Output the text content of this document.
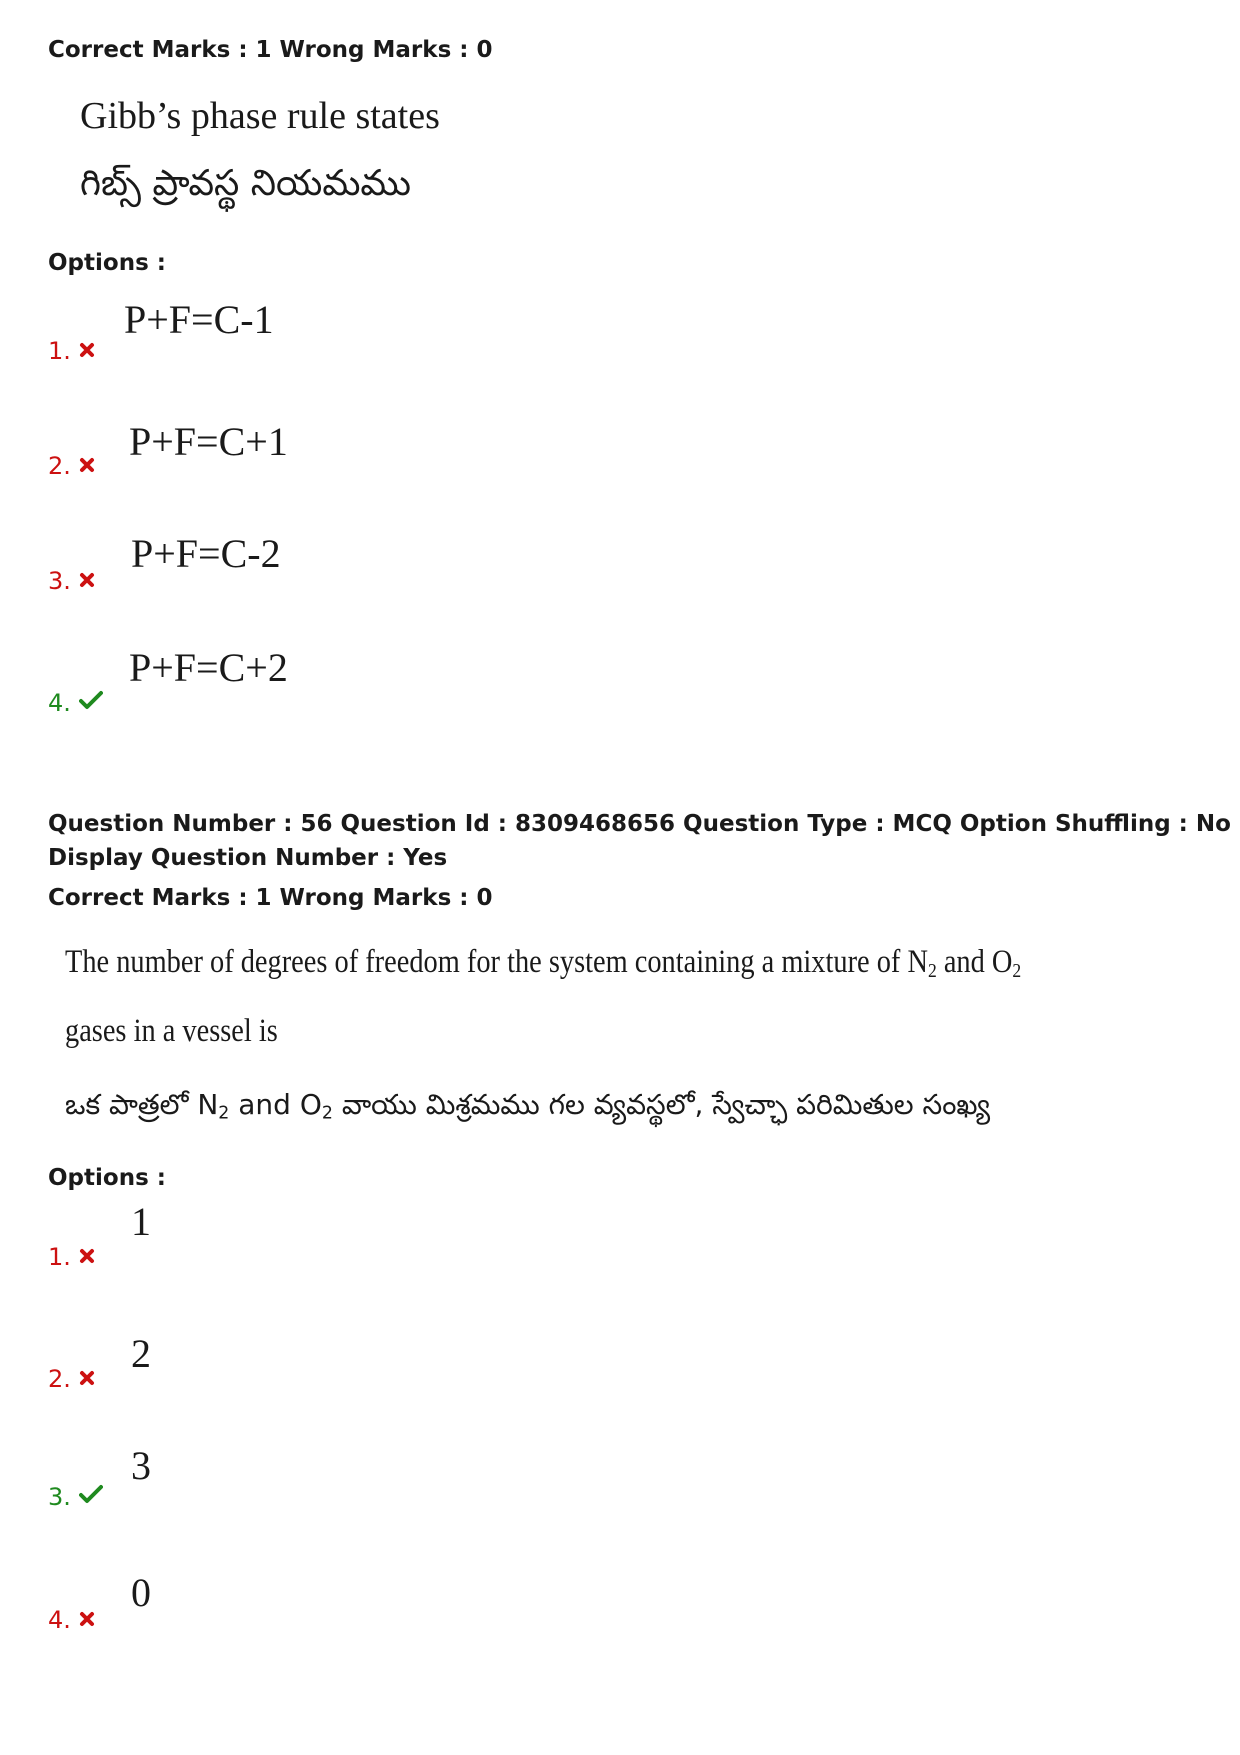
Correct Marks : 1 Wrong Marks : 0
Gibb’s phase rule states
గిబ్స్ ప్రావస్థ నియమము
Options :
1.
P+F=C-1
2.
P+F=C+1
3.
P+F=C-2
4.
P+F=C+2
Question Number : 56 Question Id : 8309468656 Question Type : MCQ Option Shuffling : No
Display Question Number : Yes
Correct Marks : 1 Wrong Marks : 0
The number of degrees of freedom for the system containing a mixture of $N_2$ and $O_2$
gases in a vessel is
ఒక పాత్రలో $N_2$ and $O_2$ వాయు మిశ్రమము గల వ్యవస్థలో, స్వేచ్ఛా పరిమితుల సంఖ్య
Options :
1.
1
2.
2
3.
3
4.
0
